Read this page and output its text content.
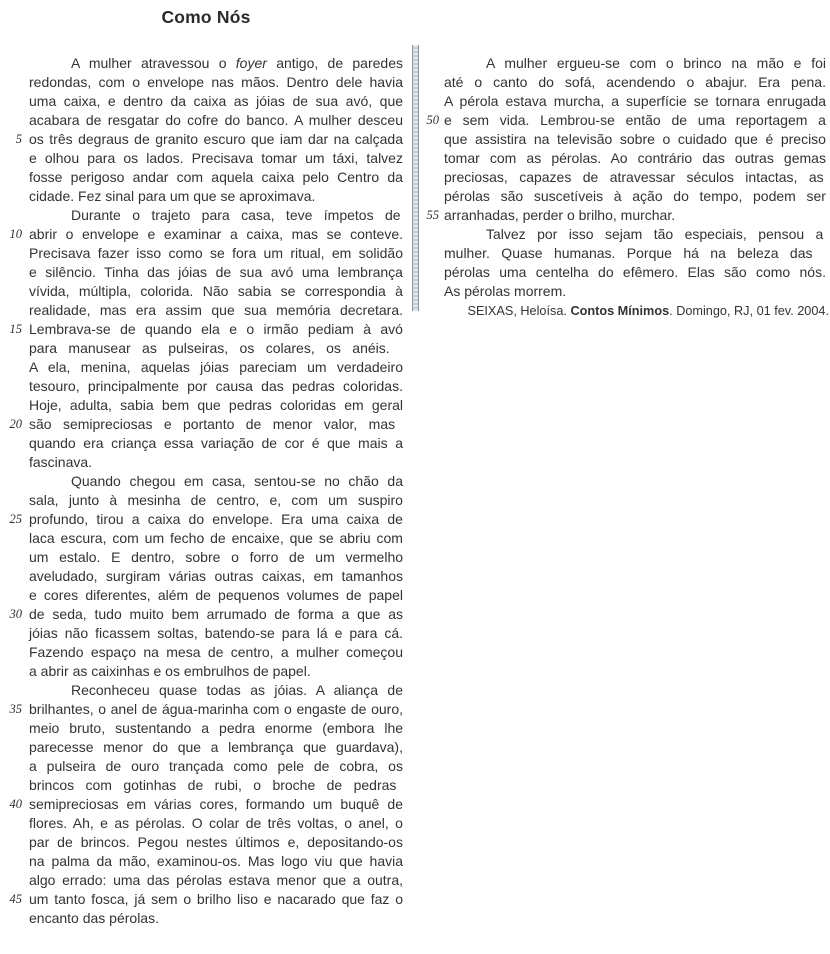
Como Nós
A mulher atravessou o foyer antigo, de paredes
redondas, com o envelope nas mãos. Dentro dele havia
uma caixa, e dentro da caixa as jóias de sua avó, que
acabara de resgatar do cofre do banco. A mulher desceu
5 os três degraus de granito escuro que iam dar na calçada
e olhou para os lados. Precisava tomar um táxi, talvez
fosse perigoso andar com aquela caixa pelo Centro da
cidade. Fez sinal para um que se aproximava.
Durante o trajeto para casa, teve ímpetos de
10 abrir o envelope e examinar a caixa, mas se conteve.
Precisava fazer isso como se fora um ritual, em solidão
e silêncio. Tinha das jóias de sua avó uma lembrança
vívida, múltipla, colorida. Não sabia se correspondia à
realidade, mas era assim que sua memória decretara.
15 Lembrava-se de quando ela e o irmão pediam à avó
para manusear as pulseiras, os colares, os anéis.
A ela, menina, aquelas jóias pareciam um verdadeiro
tesouro, principalmente por causa das pedras coloridas.
Hoje, adulta, sabia bem que pedras coloridas em geral
20 são semipreciosas e portanto de menor valor, mas
quando era criança essa variação de cor é que mais a
fascinava.
Quando chegou em casa, sentou-se no chão da
sala, junto à mesinha de centro, e, com um suspiro
25 profundo, tirou a caixa do envelope. Era uma caixa de
laca escura, com um fecho de encaixe, que se abriu com
um estalo. E dentro, sobre o forro de um vermelho
aveludado, surgiram várias outras caixas, em tamanhos
e cores diferentes, além de pequenos volumes de papel
30 de seda, tudo muito bem arrumado de forma a que as
jóias não ficassem soltas, batendo-se para lá e para cá.
Fazendo espaço na mesa de centro, a mulher começou
a abrir as caixinhas e os embrulhos de papel.
Reconheceu quase todas as jóias. A aliança de
35 brilhantes, o anel de água-marinha com o engaste de ouro,
meio bruto, sustentando a pedra enorme (embora lhe
parecesse menor do que a lembrança que guardava),
a pulseira de ouro trançada como pele de cobra, os
brincos com gotinhas de rubi, o broche de pedras
40 semipreciosas em várias cores, formando um buquê de
flores. Ah, e as pérolas. O colar de três voltas, o anel, o
par de brincos. Pegou nestes últimos e, depositando-os
na palma da mão, examinou-os. Mas logo viu que havia
algo errado: uma das pérolas estava menor que a outra,
45 um tanto fosca, já sem o brilho liso e nacarado que faz o
encanto das pérolas.
A mulher ergueu-se com o brinco na mão e foi
até o canto do sofá, acendendo o abajur. Era pena.
A pérola estava murcha, a superfície se tornara enrugada
50 e sem vida. Lembrou-se então de uma reportagem a
que assistira na televisão sobre o cuidado que é preciso
tomar com as pérolas. Ao contrário das outras gemas
preciosas, capazes de atravessar séculos intactas, as
pérolas são suscetíveis à ação do tempo, podem ser
55 arranhadas, perder o brilho, murchar.
Talvez por isso sejam tão especiais, pensou a
mulher. Quase humanas. Porque há na beleza das
pérolas uma centelha do efêmero. Elas são como nós.
As pérolas morrem.
SEIXAS, Heloísa. Contos Mínimos. Domingo, RJ, 01 fev. 2004.
